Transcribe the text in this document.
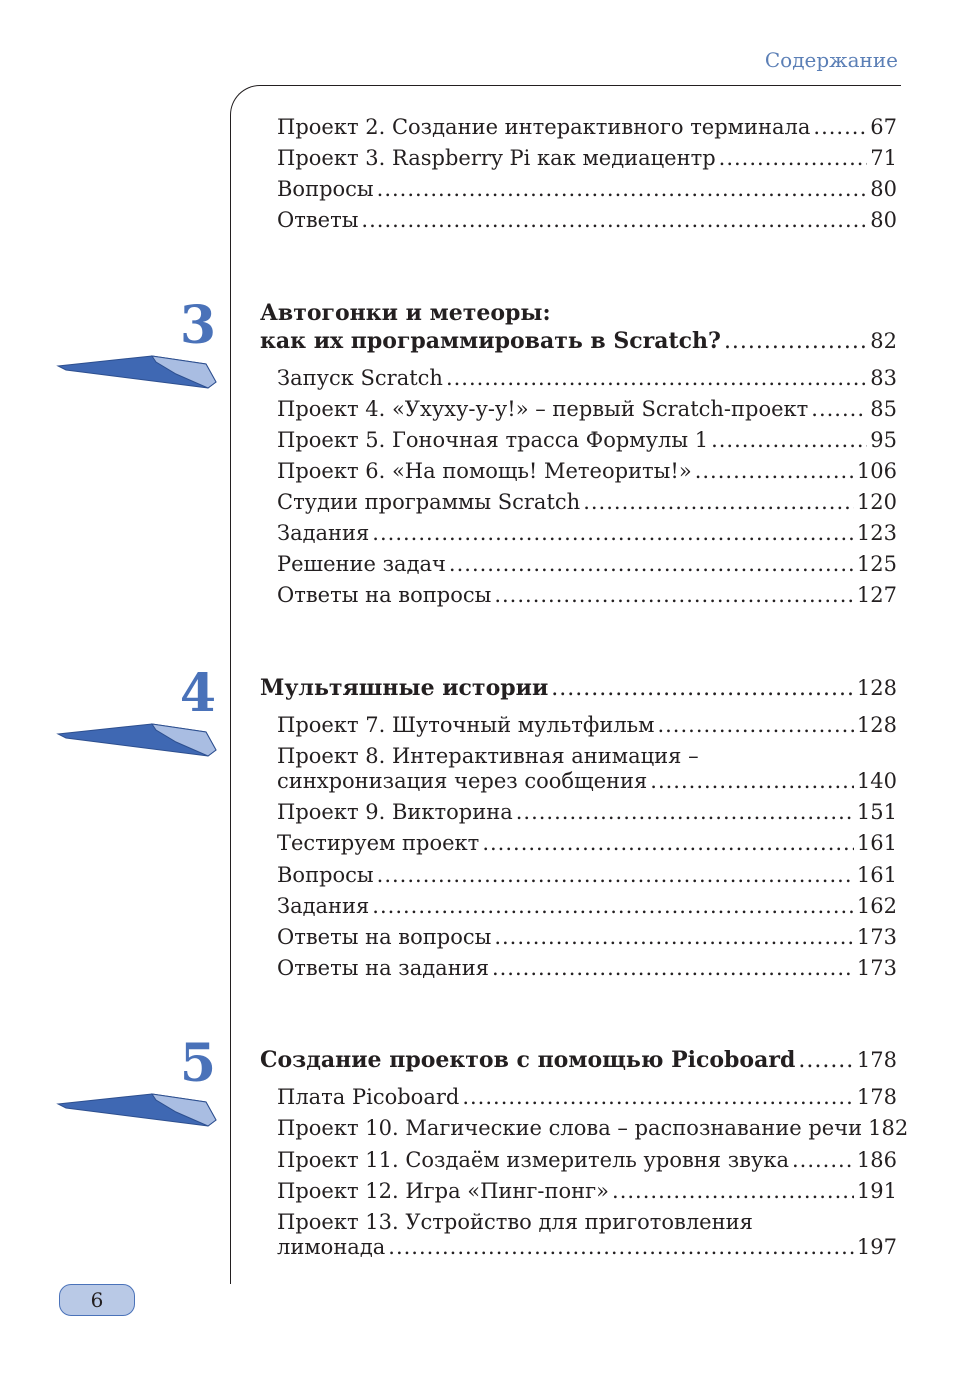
Содержание
Проект 2. Создание интерактивного терминала .....	67
Проект 3. Raspberry Pi как медиацентр .....	71
Вопросы .....	80
Ответы .....	80
3 Автогонки и метеоры:
как их программировать в Scratch? .....	82
Запуск Scratch .....	83
Проект 4. «Ухуху-у-у!» – первый Scratch-проект .....	85
Проект 5. Гоночная трасса Формулы 1 .....	95
Проект 6. «На помощь! Метеориты!» .....	106
Студии программы Scratch .....	120
Задания .....	123
Решение задач .....	125
Ответы на вопросы .....	127
4 Мультяшные истории .....	128
Проект 7. Шуточный мультфильм .....	128
Проект 8. Интерактивная анимация –
синхронизация через сообщения .....	140
Проект 9. Викторина .....	151
Тестируем проект .....	161
Вопросы .....	161
Задания .....	162
Ответы на вопросы .....	173
Ответы на задания .....	173
5 Создание проектов с помощью Picoboard .....	178
Плата Picoboard .....	178
Проект 10. Магические слова – распознавание речи 182
Проект 11. Создаём измеритель уровня звука .....	186
Проект 12. Игра «Пинг-понг» .....	191
Проект 13. Устройство для приготовления
лимонада .....	197
6
